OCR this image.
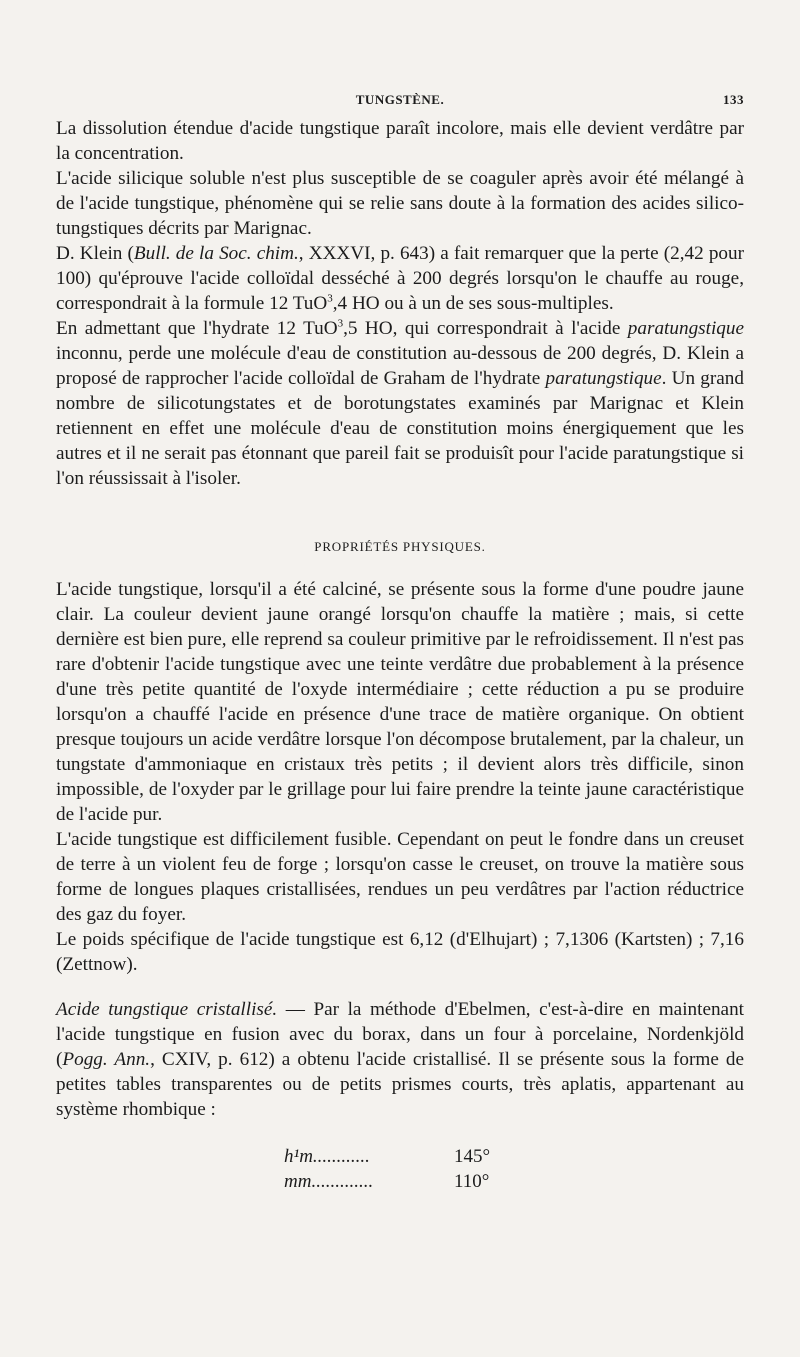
TUNGSTÈNE.	133

La dissolution étendue d'acide tungstique paraît incolore, mais elle devient verdâtre par la concentration.

L'acide silicique soluble n'est plus susceptible de se coaguler après avoir été mélangé à de l'acide tungstique, phénomène qui se relie sans doute à la formation des acides silico-tungstiques décrits par Marignac.

D. Klein (Bull. de la Soc. chim., XXXVI, p. 643) a fait remarquer que la perte (2,42 pour 100) qu'éprouve l'acide colloïdal desséché à 200 degrés lorsqu'on le chauffe au rouge, correspondrait à la formule 12 TuO$^3$,4 HO ou à un de ses sous-multiples.

En admettant que l'hydrate 12 TuO$^3$,5 HO, qui correspondrait à l'acide paratungstique inconnu, perde une molécule d'eau de constitution au-dessous de 200 degrés, D. Klein a proposé de rapprocher l'acide colloïdal de Graham de l'hydrate paratungstique. Un grand nombre de silicotungstates et de borotungstates examinés par Marignac et Klein retiennent en effet une molécule d'eau de constitution moins énergiquement que les autres et il ne serait pas étonnant que pareil fait se produisît pour l'acide paratungstique si l'on réussissait à l'isoler.

PROPRIÉTÉS PHYSIQUES.

L'acide tungstique, lorsqu'il a été calciné, se présente sous la forme d'une poudre jaune clair. La couleur devient jaune orangé lorsqu'on chauffe la matière ; mais, si cette dernière est bien pure, elle reprend sa couleur primitive par le refroidissement. Il n'est pas rare d'obtenir l'acide tungstique avec une teinte verdâtre due probablement à la présence d'une très petite quantité de l'oxyde intermédiaire ; cette réduction a pu se produire lorsqu'on a chauffé l'acide en présence d'une trace de matière organique. On obtient presque toujours un acide verdâtre lorsque l'on décompose brutalement, par la chaleur, un tungstate d'ammoniaque en cristaux très petits ; il devient alors très difficile, sinon impossible, de l'oxyder par le grillage pour lui faire prendre la teinte jaune caractéristique de l'acide pur.

L'acide tungstique est difficilement fusible. Cependant on peut le fondre dans un creuset de terre à un violent feu de forge ; lorsqu'on casse le creuset, on trouve la matière sous forme de longues plaques cristallisées, rendues un peu verdâtres par l'action réductrice des gaz du foyer.

Le poids spécifique de l'acide tungstique est 6,12 (d'Elhujart) ; 7,1306 (Kartsten) ; 7,16 (Zettnow).

Acide tungstique cristallisé. — Par la méthode d'Ebelmen, c'est-à-dire en maintenant l'acide tungstique en fusion avec du borax, dans un four à porcelaine, Nordenkjöld (Pogg. Ann., CXIV, p. 612) a obtenu l'acide cristallisé. Il se présente sous la forme de petites tables transparentes ou de petits prismes courts, très aplatis, appartenant au système rhombique :

h¹m............	145°
mm.............	110°
